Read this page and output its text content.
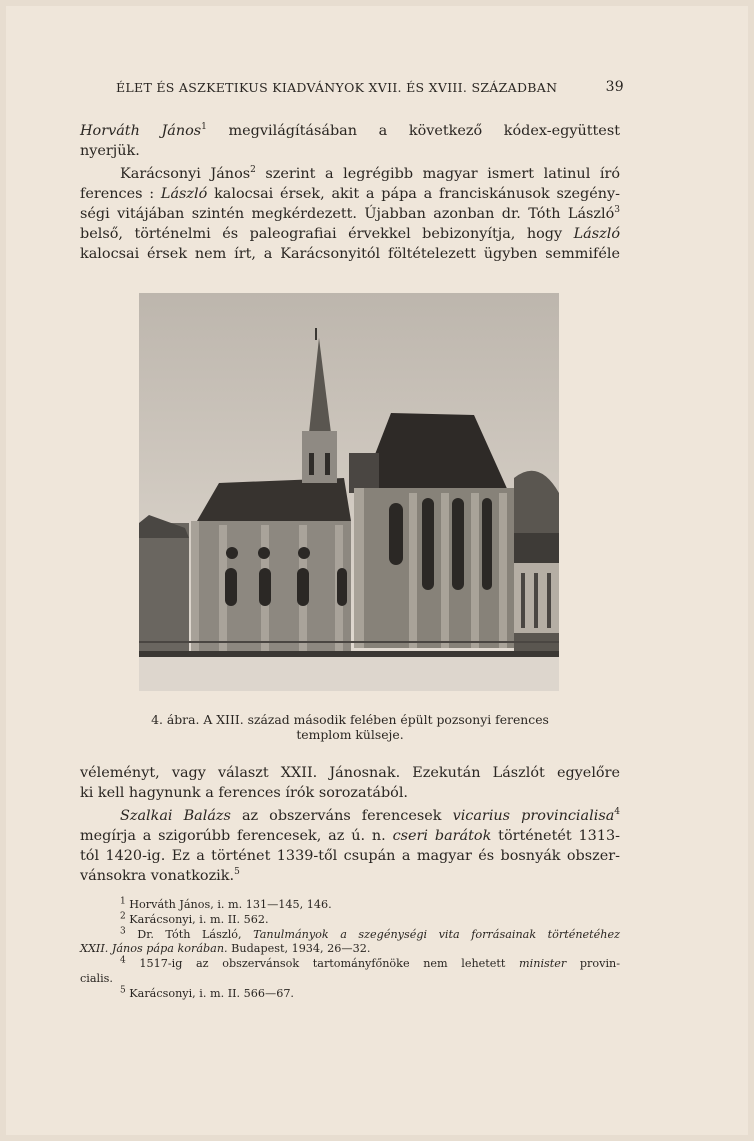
ÉLET ÉS ASZKETIKUS KIADVÁNYOK XVII. ÉS XVIII. SZÁZADBAN	39
Horváth János$^1$ megvilágításában a következő kódex-együttest
nyerjük.
Karácsonyi János$^2$ szerint a legrégibb magyar ismert latinul író
ferences : László kalocsai érsek, akit a pápa a franciskánusok szegény-
ségi vitájában szintén megkérdezett. Újabban azonban dr. Tóth László$^3$
belső, történelmi és paleografiai érvekkel bebizonyítja, hogy László
kalocsai érsek nem írt, a Karácsonyitól föltételezett ügyben semmiféle
4. ábra. A XIII. század második felében épült pozsonyi ferences
templom külseje.
véleményt, vagy választ XXII. Jánosnak. Ezekután Lászlót egyelőre
ki kell hagynunk a ferences írók sorozatából.
Szalkai Balázs az obszerváns ferencesek vicarius provincialisa$^4$
megírja a szigorúbb ferencesek, az ú. n. cseri barátok történetét 1313-
tól 1420-ig. Ez a történet 1339-től csupán a magyar és bosnyák obszer-
vánsokra vonatkozik.$^5$
$^1$ Horváth János, i. m. 131—145, 146.
$^2$ Karácsonyi, i. m. II. 562.
$^3$ Dr. Tóth László, Tanulmányok a szegénységi vita forrásainak történetéhez
XXII. János pápa korában. Budapest, 1934, 26—32.
$^4$ 1517-ig az obszervánsok tartományfőnöke nem lehetett minister provin-
cialis.
$^5$ Karácsonyi, i. m. II. 566—67.
